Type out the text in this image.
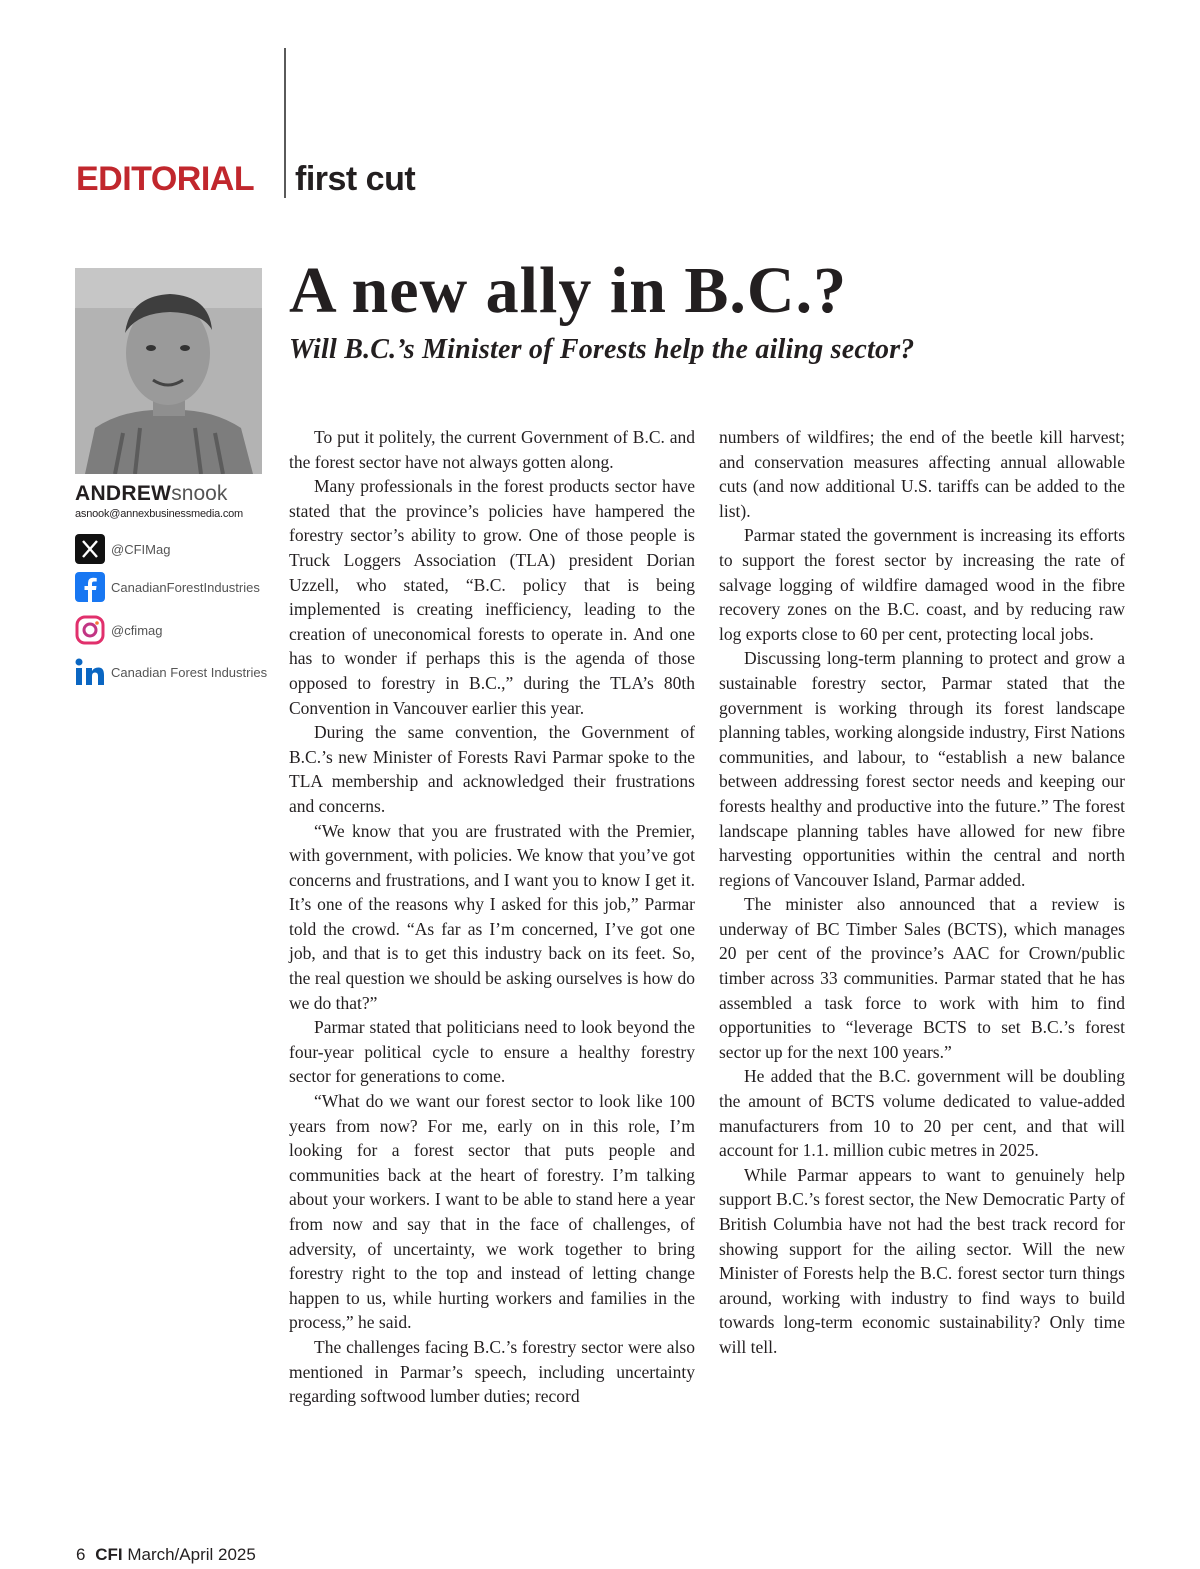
EDITORIAL first cut
ANDREWsnook
asnook@annexbusinessmedia.com
@CFIMag
CanadianForestIndustries
@cfimag
Canadian Forest Industries
A new ally in B.C.?
Will B.C.’s Minister of Forests help the ailing sector?

To put it politely, the current Government of B.C. and the forest sector have not always gotten along.

Many professionals in the forest products sector have stated that the province’s policies have hampered the forestry sector’s ability to grow. One of those people is Truck Loggers Association (TLA) president Dorian Uzzell, who stated, “B.C. policy that is being implemented is creating inefficiency, leading to the creation of uneconomical forests to operate in. And one has to wonder if perhaps this is the agenda of those opposed to forestry in B.C.,” during the TLA’s 80th Convention in Vancouver earlier this year.

During the same convention, the Government of B.C.’s new Minister of Forests Ravi Parmar spoke to the TLA membership and acknowledged their frustrations and concerns.

“We know that you are frustrated with the Premier, with government, with policies. We know that you’ve got concerns and frustrations, and I want you to know I get it. It’s one of the reasons why I asked for this job,” Parmar told the crowd. “As far as I’m concerned, I’ve got one job, and that is to get this industry back on its feet. So, the real question we should be asking ourselves is how do we do that?”

Parmar stated that politicians need to look beyond the four-year political cycle to ensure a healthy forestry sector for generations to come.

“What do we want our forest sector to look like 100 years from now? For me, early on in this role, I’m looking for a forest sector that puts people and communities back at the heart of forestry. I’m talking about your workers. I want to be able to stand here a year from now and say that in the face of challenges, of adversity, of uncertainty, we work together to bring forestry right to the top and instead of letting change happen to us, while hurting workers and families in the process,” he said.

The challenges facing B.C.’s forestry sector were also mentioned in Parmar’s speech, including uncertainty regarding softwood lumber duties; record

numbers of wildfires; the end of the beetle kill harvest; and conservation measures affecting annual allowable cuts (and now additional U.S. tariffs can be added to the list).

Parmar stated the government is increasing its efforts to support the forest sector by increasing the rate of salvage logging of wildfire damaged wood in the fibre recovery zones on the B.C. coast, and by reducing raw log exports close to 60 per cent, protecting local jobs.

Discussing long-term planning to protect and grow a sustainable forestry sector, Parmar stated that the government is working through its forest landscape planning tables, working alongside industry, First Nations communities, and labour, to “establish a new balance between addressing forest sector needs and keeping our forests healthy and productive into the future.” The forest landscape planning tables have allowed for new fibre harvesting opportunities within the central and north regions of Vancouver Island, Parmar added.

The minister also announced that a review is underway of BC Timber Sales (BCTS), which manages 20 per cent of the province’s AAC for Crown/public timber across 33 communities. Parmar stated that he has assembled a task force to work with him to find opportunities to “leverage BCTS to set B.C.’s forest sector up for the next 100 years.”

He added that the B.C. government will be doubling the amount of BCTS volume dedicated to value-added manufacturers from 10 to 20 per cent, and that will account for 1.1. million cubic metres in 2025.

While Parmar appears to want to genuinely help support B.C.’s forest sector, the New Democratic Party of British Columbia have not had the best track record for showing support for the ailing sector. Will the new Minister of Forests help the B.C. forest sector turn things around, working with industry to find ways to build towards long-term economic sustainability? Only time will tell.

6 CFI March/April 2025
